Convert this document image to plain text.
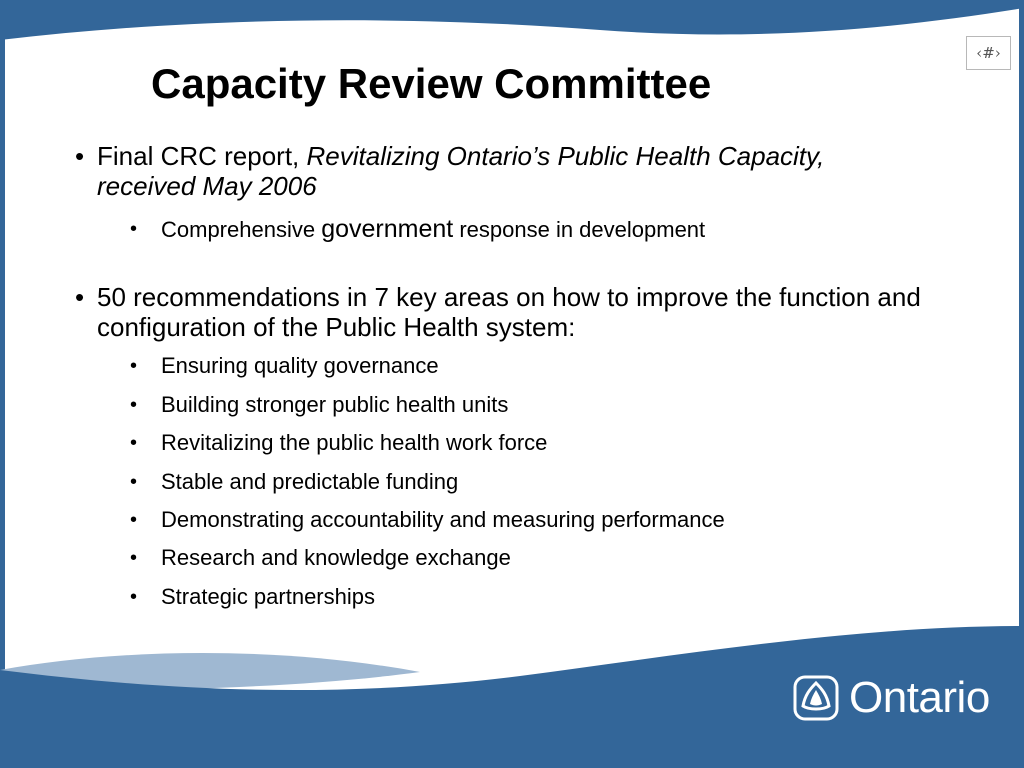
‹#›
Capacity Review Committee
• Final CRC report, Revitalizing Ontario’s Public Health Capacity, received May 2006
• Comprehensive government response in development
• 50 recommendations in 7 key areas on how to improve the function and configuration of the Public Health system:
• Ensuring quality governance
• Building stronger public health units
• Revitalizing the public health work force
• Stable and predictable funding
• Demonstrating accountability and measuring performance
• Research and knowledge exchange
• Strategic partnerships
Ontario
